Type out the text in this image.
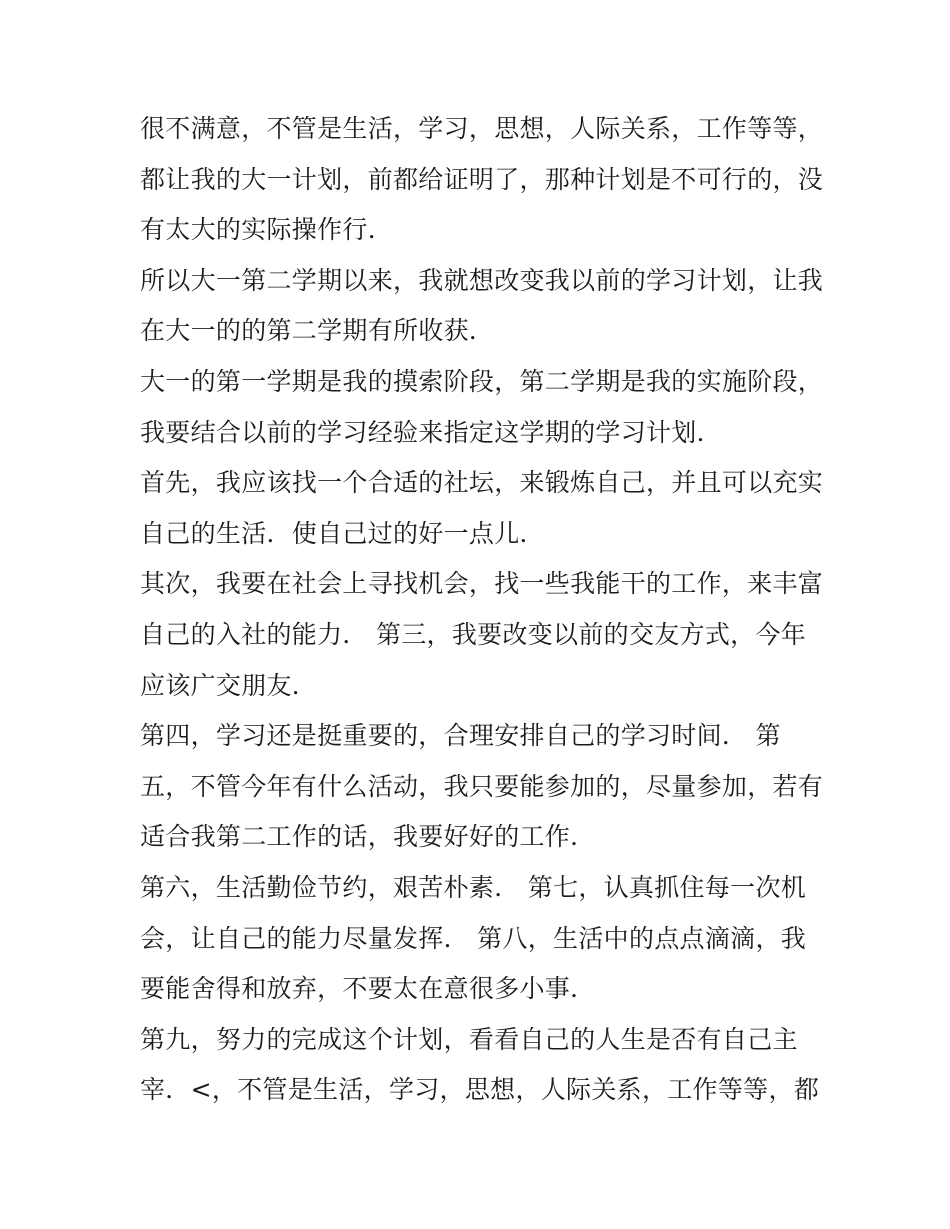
很不满意，不管是生活，学习，思想，人际关系，工作等等，
都让我的大一计划，前都给证明了，那种计划是不可行的，没
有太大的实际操作行．
所以大一第二学期以来，我就想改变我以前的学习计划，让我
在大一的的第二学期有所收获．
大一的第一学期是我的摸索阶段，第二学期是我的实施阶段，
我要结合以前的学习经验来指定这学期的学习计划．
首先，我应该找一个合适的社坛，来锻炼自己，并且可以充实
自己的生活．使自己过的好一点儿．
其次，我要在社会上寻找机会，找一些我能干的工作，来丰富
自己的入社的能力． 第三，我要改变以前的交友方式，今年
应该广交朋友．
第四，学习还是挺重要的，合理安排自己的学习时间． 第
五，不管今年有什么活动，我只要能参加的，尽量参加，若有
适合我第二工作的话，我要好好的工作．
第六，生活勤俭节约，艰苦朴素． 第七，认真抓住每一次机
会，让自己的能力尽量发挥． 第八，生活中的点点滴滴，我
要能舍得和放弃，不要太在意很多小事．
第九，努力的完成这个计划，看看自己的人生是否有自己主
宰．<，不管是生活，学习，思想，人际关系，工作等等，都
